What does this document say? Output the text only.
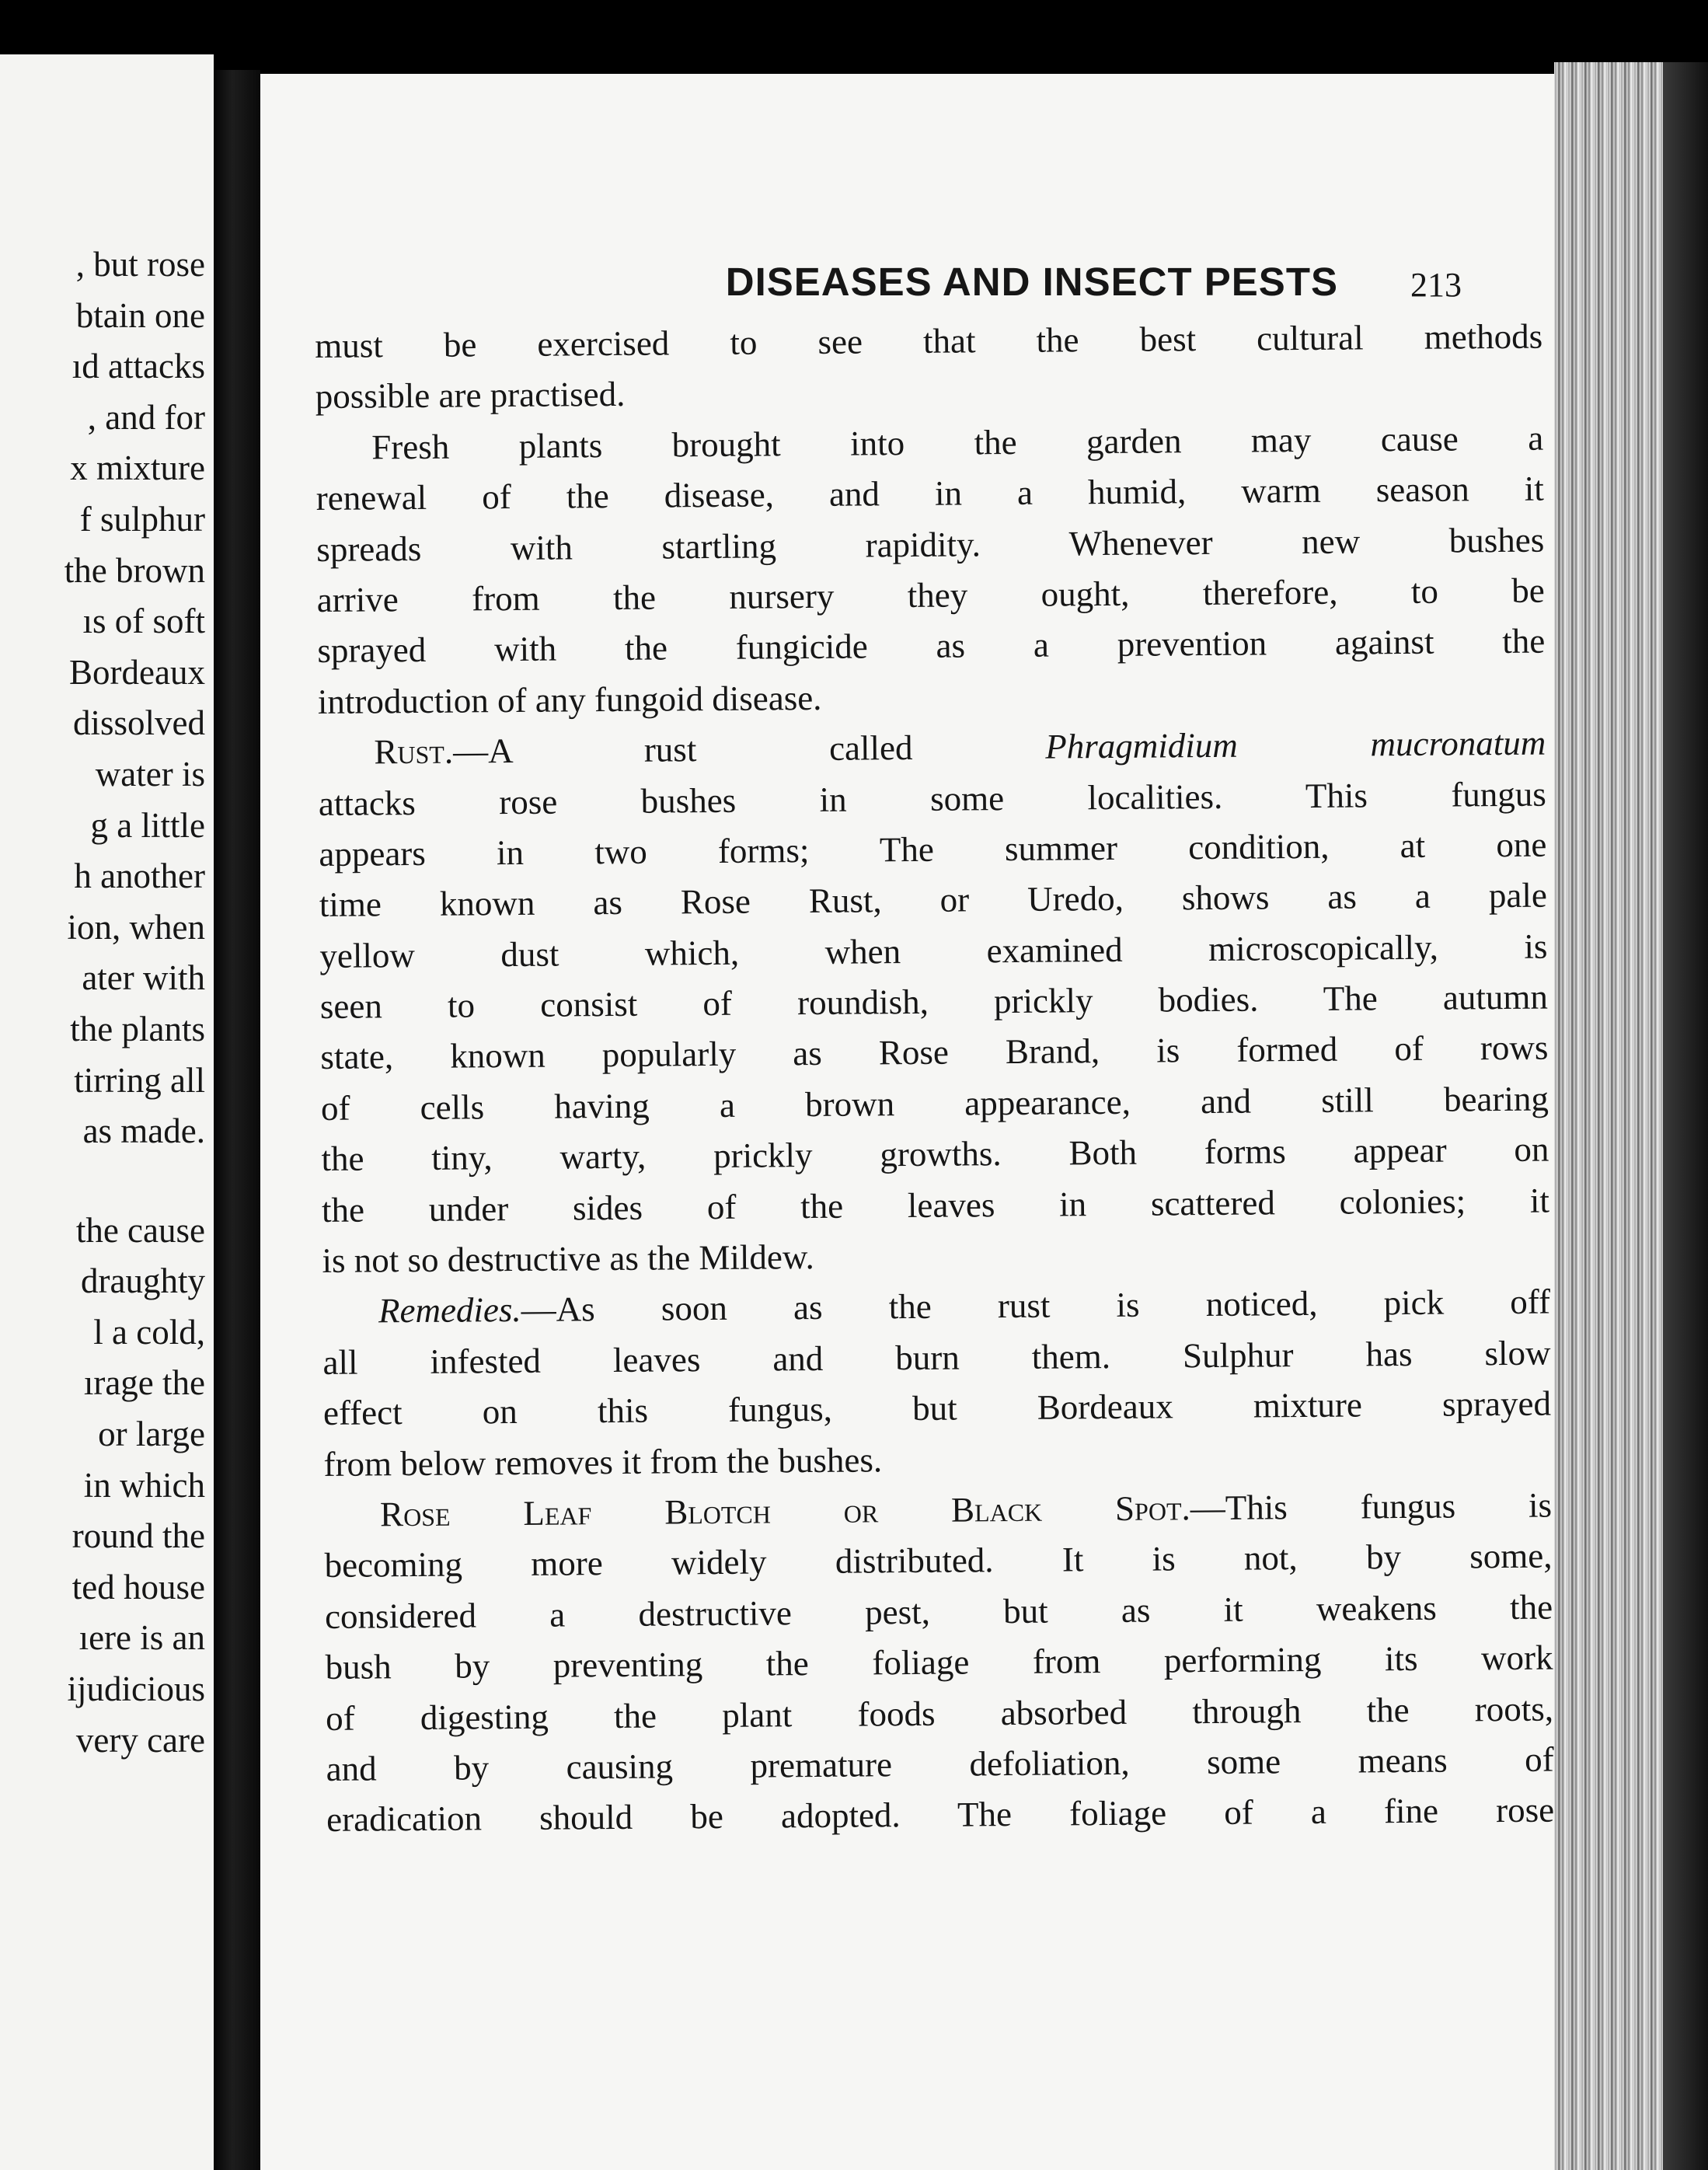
, but rose
btain one
ıd attacks
, and for
x mixture
f sulphur
the brown
ıs of soft
Bordeaux
dissolved
water is
g a little
h another
ion, when
ater with
the plants
tirring all
as made.
the cause
draughty
l a cold,
ırage the
or large
in which
round the
ted house
ıere is an
ijudicious
very care
DISEASES AND INSECT PESTS 213
must be exercised to see that the best cultural methods
possible are practised.
Fresh plants brought into the garden may cause a
renewal of the disease, and in a humid, warm season it
spreads with startling rapidity. Whenever new bushes
arrive from the nursery they ought, therefore, to be
sprayed with the fungicide as a prevention against the
introduction of any fungoid disease.
Rust.—A rust called	Phragmidium mucronatum
attacks rose bushes in some localities. This fungus
appears in two forms; The summer condition, at one
time known as Rose Rust, or Uredo, shows as a pale
yellow dust which, when examined microscopically, is
seen to consist of roundish, prickly bodies. The autumn
state, known popularly as Rose Brand, is formed of rows
of cells having a brown appearance, and still bearing
the tiny, warty, prickly growths. Both forms appear on
the under sides of the leaves in scattered colonies; it
is not so destructive as the Mildew.
Remedies.—As soon as the rust is noticed, pick off
all infested leaves and burn them. Sulphur has slow
effect on this fungus, but Bordeaux mixture sprayed
from below removes it from the bushes.
Rose Leaf Blotch or Black Spot.—This fungus is
becoming more widely distributed. It is not, by some,
considered a destructive pest, but as it weakens the
bush by preventing the foliage from performing its work
of digesting the plant foods absorbed through the roots,
and by causing premature defoliation, some means of
eradication should be adopted. The foliage of a fine rose
